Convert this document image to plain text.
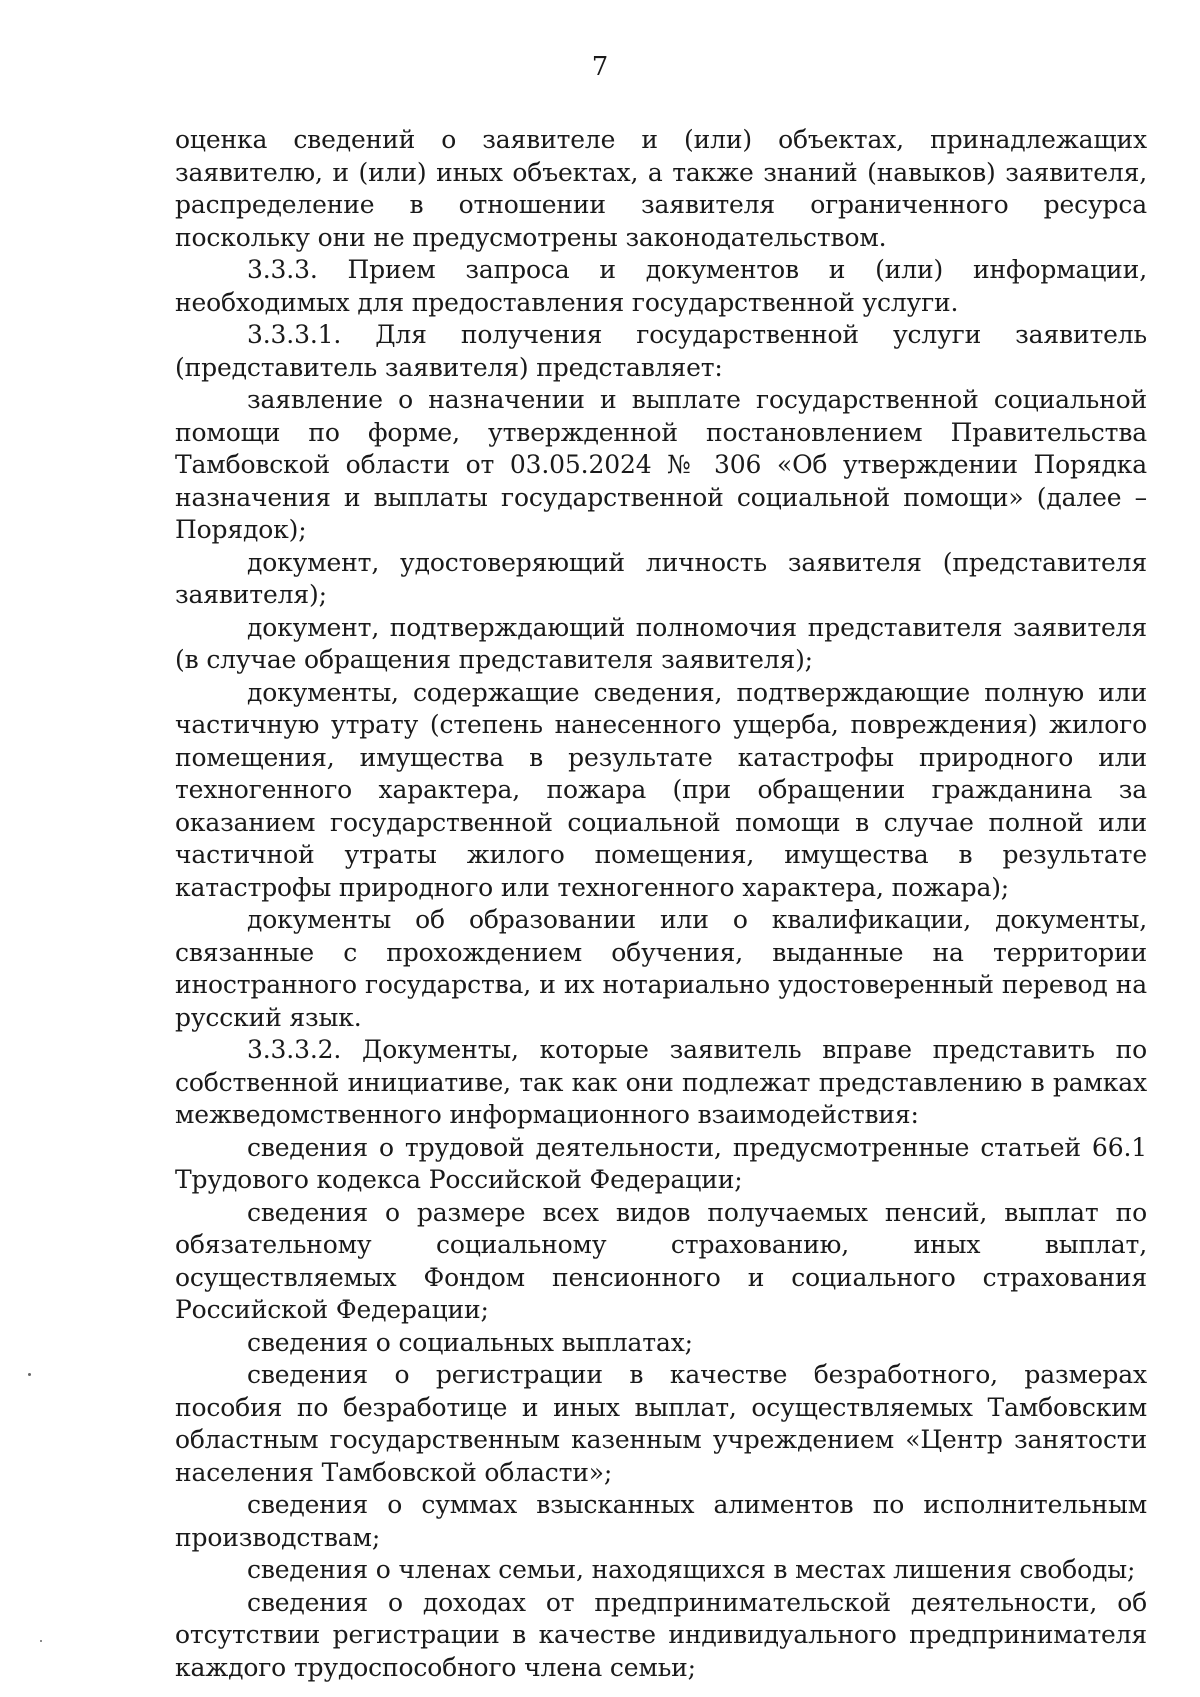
7

оценка сведений о заявителе и (или) объектах, принадлежащих заявителю, и (или) иных объектах, а также знаний (навыков) заявителя, распределение в отношении заявителя ограниченного ресурса поскольку они не предусмотрены законодательством.

3.3.3. Прием запроса и документов и (или) информации, необходимых для предоставления государственной услуги.

3.3.3.1. Для получения государственной услуги заявитель (представитель заявителя) представляет:

заявление о назначении и выплате государственной социальной помощи по форме, утвержденной постановлением Правительства Тамбовской области от 03.05.2024 № 306 «Об утверждении Порядка назначения и выплаты государственной социальной помощи» (далее – Порядок);

документ, удостоверяющий личность заявителя (представителя заявителя);

документ, подтверждающий полномочия представителя заявителя (в случае обращения представителя заявителя);

документы, содержащие сведения, подтверждающие полную или частичную утрату (степень нанесенного ущерба, повреждения) жилого помещения, имущества в результате катастрофы природного или техногенного характера, пожара (при обращении гражданина за оказанием государственной социальной помощи в случае полной или частичной утраты жилого помещения, имущества в результате катастрофы природного или техногенного характера, пожара);

документы об образовании или о квалификации, документы, связанные с прохождением обучения, выданные на территории иностранного государства, и их нотариально удостоверенный перевод на русский язык.

3.3.3.2. Документы, которые заявитель вправе представить по собственной инициативе, так как они подлежат представлению в рамках межведомственного информационного взаимодействия:

сведения о трудовой деятельности, предусмотренные статьей 66.1 Трудового кодекса Российской Федерации;

сведения о размере всех видов получаемых пенсий, выплат по обязательному социальному страхованию, иных выплат, осуществляемых Фондом пенсионного и социального страхования Российской Федерации;

сведения о социальных выплатах;

сведения о регистрации в качестве безработного, размерах пособия по безработице и иных выплат, осуществляемых Тамбовским областным государственным казенным учреждением «Центр занятости населения Тамбовской области»;

сведения о суммах взысканных алиментов по исполнительным производствам;

сведения о членах семьи, находящихся в местах лишения свободы;

сведения о доходах от предпринимательской деятельности, об отсутствии регистрации в качестве индивидуального предпринимателя каждого трудоспособного члена семьи;
